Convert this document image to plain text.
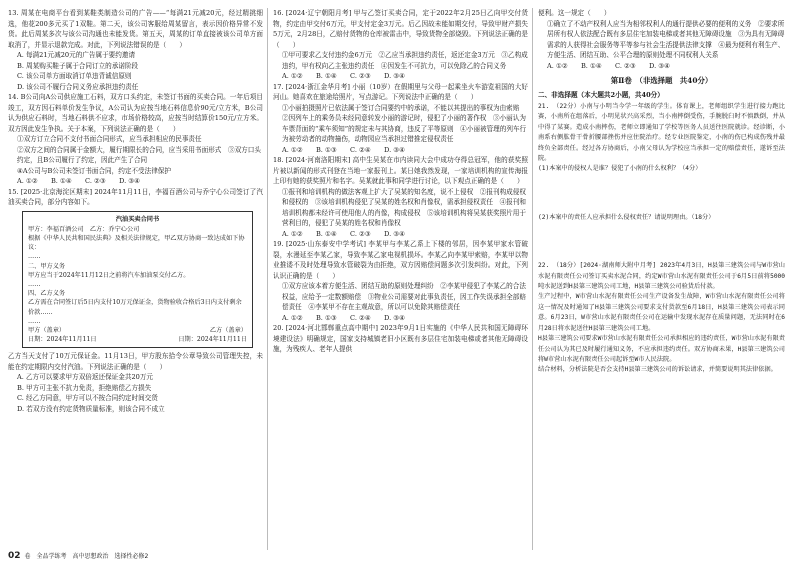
13. 周某在电商平台看到某鞋类制造公司的广告——“每满21元减20元，经过精挑细选，他花200多元买了1双鞋。第二天，该公司客服给周某留言，表示因价格异常不发货。此后周某多次与该公司沟通也未能发货。第五天，周某的订单直接被该公司单方面取消了，并显示退款完成。对此，下列说法错误的是（　　）

A. 每满21元减20元的广告属于要约邀请

B. 周某购买鞋子属于合同订立的承诺阶段

C. 该公司单方面取消订单违背诚信原则

D. 该公司不履行合同义务应承担违约责任

14. B公司向A公司供应施工石料，双方口头约定，未签订书面的买卖合同。一年后项目竣工，双方因石料单价发生争议，A公司认为应按当地石料信息价90元/立方米，B公司认为供应石料时，当地石料供不应求，市场价格较高，应按当时结算价150元/立方米。双方因此发生争执。关于本案，下列说法正确的是（　　）

①双方订立合同不支付书面合同形式，应当承担相应的民事责任

②双方之间的合同属于金额大，履行期限长的合同，应当采用书面形式　③双方口头约定，且B公司履行了约定，因此产生了合同

④A公司与B公司未签订书面合同，约定不受法律保护

A. ①②　　B. ①④　　C. ②③　　D. ③④

15. [2025·北京海淀区期末] 2024年11月11日，李福百酒公司与乔宁心公司签订了汽油买卖合同，部分内容如下。

汽油买卖合同书

甲方：李福百酒公司　乙方：乔宁心公司
根据《中华人民共和国民法典》及相关法律规定，甲乙双方协商一致达成如下协议：
……
二、甲方义务
甲方应当于2024年11月12日之前将汽车加油泵交付乙方。
……
四、乙方义务
乙方需在合同签订后5日内支付10万元保证金，货物验收合格后3日内支付剩余价款……
……
甲方（盖章）	乙方（盖章）
日期：2024年11月11日	日期：2024年11月11日

乙方当天支付了10万元保证金。11月13日，甲方股东拾令公章导致公司管理失控，未能在约定期限内交付汽油。下列说法正确的是（　　）

A. 乙方可以要求甲方双倍返还保证金共20万元

B. 甲方可主张不抗力免责，拒绝赔偿乙方损失

C. 经乙方同意，甲方可以不按合同约定时间交货

D. 若双方没有约定货物质量标准，则该合同不成立

16. [2024·辽宁朝阳月考] 甲与乙签订买卖合同，定于2022年2月25日乙向甲交付货物，约定由甲交付6万元，甲支付定金3万元。后乙因故未能如期交付，导致甲财产损失5万元，2月28日，乙赔付货物的仓库被雷击中，导致货物全部烧毁。下列说法正确的是（　　）

①甲可要求乙支付违约金6万元　②乙应当承担违约责任，返还定金3万元　③乙构成违约，甲有权向乙主张违约责任　④因发生不可抗力，可以免除乙的合同义务

A. ①②　　B. ①④　　C. ②③　　D. ③④

17. [2024·浙江金华月考] 小丽（10岁）在假期里与父母一起乘坐火车游览祖国的大好河山。她喜欢在旅途给照片，写点游记。下列说法中正确的是（　　）

①小丽拍摄照片已依法属于签订合同要约中的承诺，不能以其提出的事权为由索赔　②因列车上的乘务员未经同意转发小丽的游记时，侵犯了小丽的著作权　③小丽认为车票背面的“乘车须知”的规定未与其协商，违反了平等原则　④小丽被管理的列车行为被劳动者的动物撞伤，动物园应当承担过错推定侵权责任

A. ①②　　B. ①③　　C. ②④　　D. ③④

18. [2024·河南洛阳期末] 高中生吴某在市内读同大会中成功夺得总冠军，他的获奖照片被以新闻的形式刊登在当地一家报刊上。某日她我然发现，一家培训机构的宣传海报上印有她的获奖照片和名字。吴某就此事和同学进行讨论，以下观点正确的是（　　）

①报刊和培训机构的做法客观上扩大了吴某的知名度，说不上侵权　②报刊构成侵权和侵权的　③该培训机构侵犯了吴某的姓名权和肖像权，需承担侵权责任　④报刊和培训机构都未经许可使用他人的肖像，构成侵权　⑤该培训机构将吴某获奖照片用于营利目的，侵犯了吴某的姓名权和肖像权

A. ①②　　B. ①④　　C. ②③　　D. ③④

19. [2025·山东泰安中学考试] 李某甲与李某乙系上下楼的邻居，因李某甲家水管破裂，水漫延至李某乙家，导致李某乙家电视机损坏。李某乙向李某甲索赔，李某甲以物业推诿不及时处理导致水管破裂为由拒绝，双方因赔偿问题多次引发纠纷。对此，下列认识正确的是（　　）

①双方应该本着方便生活、团结互助的原则处理纠纷　②李某甲侵犯了李某乙的合法权益，应给予一定数额赔偿　③物业公司需要对此事负责任，因工作失误承担全部赔偿责任　④李某甲不存在主观故意，所以可以免除其赔偿责任

A. ①②　　B. ①③　　C. ②④　　D. ③④

20. [2024·河北邯郸重点高中期中] 2023年9月1日实施的《中华人民共和国无障碍环境建设法》明确规定，国家支持城镇老旧小区既有多层住宅加装电梯或者其他无障碍设施，为残疾人、老年人提供

便利。这一规定（　　）

①确立了不动产权利人应当为相邻权利人的通行提供必要的便利的义务　②要求所居所有权人依法配合既有多层住宅加装电梯或者其他无障碍设施　③为具有无障碍需求的人获得社会服务等平等参与社会生活提供法律支撑　④最为便利有利生产、方便生活、团结互助、公平合理的原则处理不同权利人关系

A. ①②　　B. ①④　　C. ②③　　D. ③④

第Ⅱ卷　（非选择题　共40分）
二、非选择题（本大题共2小题，共40分）

21. （22分）小南与小明当今学一年级的学生。体育课上，老师组织学生进行接力跑比赛，小南所在组落后，小明见状兴高采烈，当小南摔倒受伤，手腕脱臼时不慎跌倒，并从中得了某赛。造成小南摔伤，老师立即通知了学校等医务人员送往医院就诊。经诊断，小南系右侧肱骨干骨折腰部挫伤并应住院治疗。经专业医院鉴定，小南的伤已构成伤残并最终负全部责任。经过各方协商后，小南父母认为学校应当承担一定的赔偿责任，遂诉至法院。

(1)本案中的侵权人是谁？侵犯了小南的什么权利？（4分）

(2)本案中的责任人应承担什么侵权责任？请说明理由。（18分）

22. （18分）[2024·湖南师大附中月考] 2023年4月3日，H县第三建筑公司与W市营山水泥有限责任公司签订买卖水泥合同，约定W市营山水泥有限责任公司于6月5日前将5000吨水泥送到H县第三建筑公司工地，H县第三建筑公司验货后付款。

生产过程中，W市营山水泥有限责任公司生产设备发生故障，W市营山水泥有限责任公司将这一情况及时通知了H县第三建筑公司要求支付货款至6月18日，H县第三建筑公司表示同意。6月23日，W市营山水泥有限责任公司在运输中发现水泥存在质量问题，无法同时在6月28日将水泥送往H县第三建筑公司工地。

H县第三建筑公司要求W市营山水泥有限责任公司承担相应的违约责任，W市营山水泥有限责任公司认为其已及时履行通知义务，不应承担违约责任。双方协商未果，H县第三建筑公司将W市营山水泥有限责任公司起诉至W市人民法院。

结合材料，分析法院是否会支持H县第三建筑公司的诉讼请求，并简要说明其法律依据。

02 卷　全品学练考　高中思想政治　选择性必修2
